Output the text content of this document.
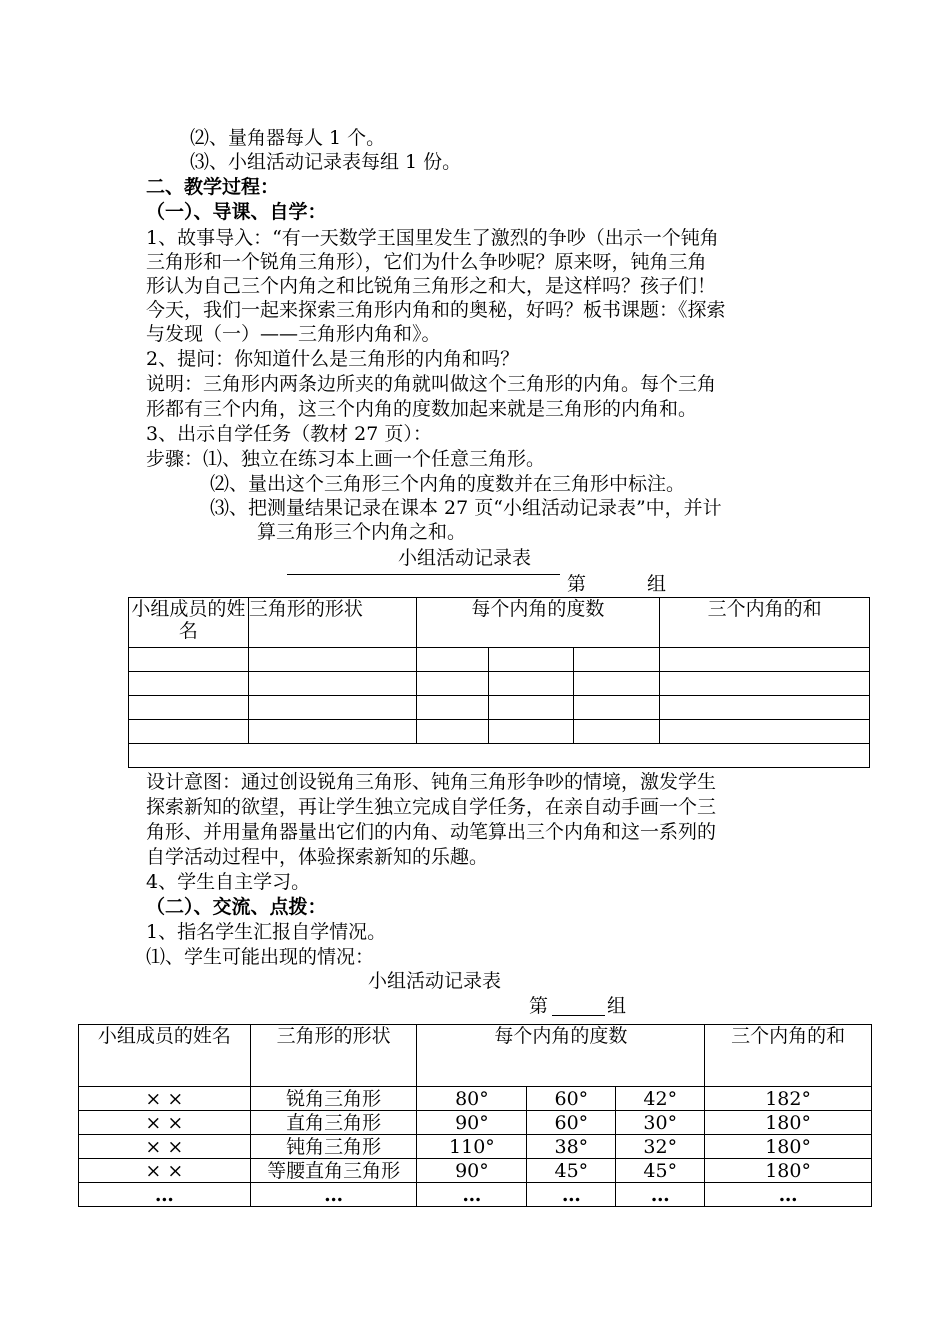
⑵、量角器每人 1 个。
⑶、小组活动记录表每组 1 份。
二、教学过程：
（一）、导课、自学：
1、故事导入：“有一天数学王国里发生了激烈的争吵（出示一个钝角
三角形和一个锐角三角形），它们为什么争吵呢？原来呀，钝角三角
形认为自己三个内角之和比锐角三角形之和大，是这样吗？孩子们！
今天，我们一起来探索三角形内角和的奥秘，好吗？板书课题：《探索
与发现（一）——三角形内角和》。
2、提问：你知道什么是三角形的内角和吗？
说明：三角形内两条边所夹的角就叫做这个三角形的内角。每个三角
形都有三个内角，这三个内角的度数加起来就是三角形的内角和。
3、出示自学任务（教材 27 页）：
步骤：⑴、独立在练习本上画一个任意三角形。
⑵、量出这个三角形三个内角的度数并在三角形中标注。
⑶、把测量结果记录在课本 27 页“小组活动记录表”中，并计
算三角形三个内角之和。
小组活动记录表
第	组
小组成员的姓名	三角形的形状	每个内角的度数			三个内角的和

设计意图：通过创设锐角三角形、钝角三角形争吵的情境，激发学生
探索新知的欲望，再让学生独立完成自学任务，在亲自动手画一个三
角形、并用量角器量出它们的内角、动笔算出三个内角和这一系列的
自学活动过程中，体验探索新知的乐趣。
4、学生自主学习。
（二）、交流、点拨：
1、指名学生汇报自学情况。
⑴、学生可能出现的情况：
小组活动记录表
第	组
小组成员的姓名	三角形的形状	每个内角的度数			三个内角的和
× ×	锐角三角形	80°	60°	42°	182°
× ×	直角三角形	90°	60°	30°	180°
× ×	钝角三角形	110°	38°	32°	180°
× ×	等腰直角三角形	90°	45°	45°	180°
…	…	…	…	…	…
